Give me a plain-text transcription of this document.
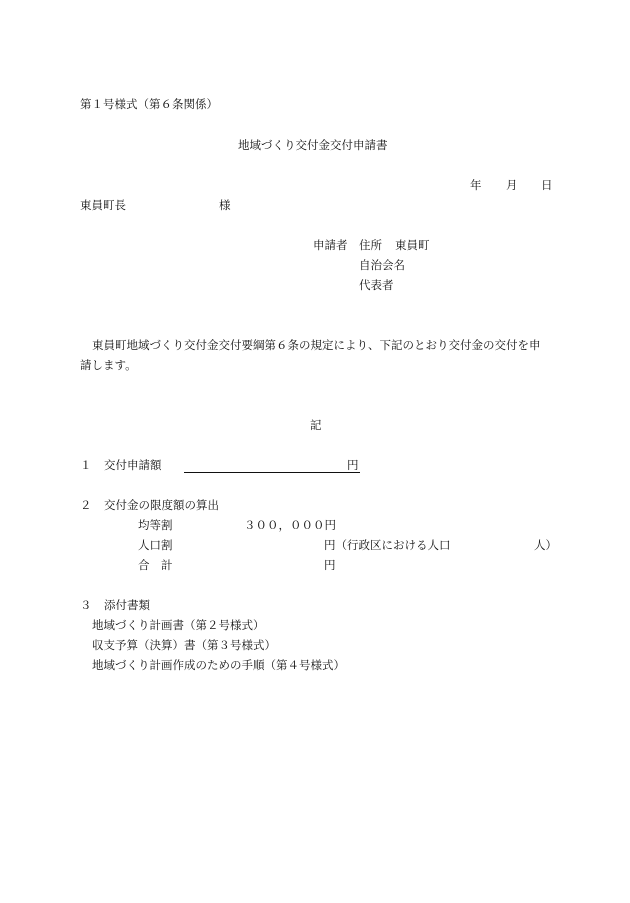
第１号様式（第６条関係）
地域づくり交付金交付申請書
年 月 日
東員町長	様
申請者 住所 東員町
自治会名
代表者
東員町地域づくり交付金交付要綱第６条の規定により、下記のとおり交付金の交付を申
請します。
記
１ 交付申請額	円
２ 交付金の限度額の算出
均等割	３００，０００円
人口割	円（行政区における人口	人）
合　計	円
３ 添付書類
地域づくり計画書（第２号様式）
収支予算（決算）書（第３号様式）
地域づくり計画作成のための手順（第４号様式）
